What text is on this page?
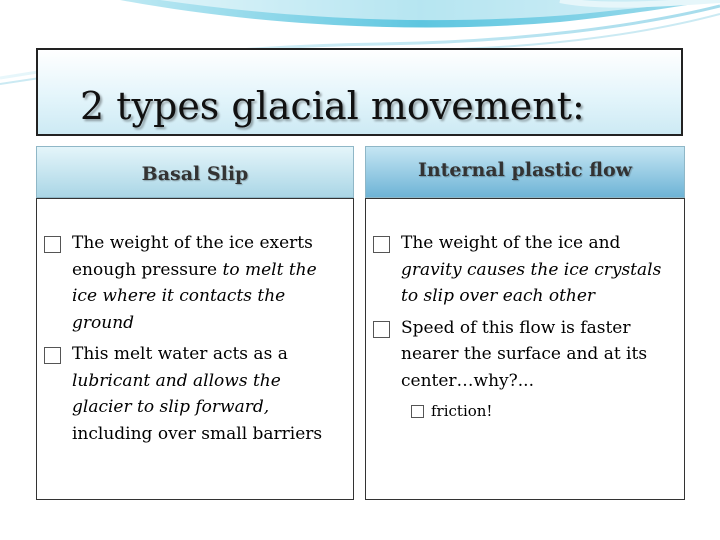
2 types glacial movement:
Basal Slip	Internal plastic flow

The weight of the ice exerts
enough pressure to melt the
ice where it contacts the
ground

This melt water acts as a
lubricant and allows the
glacier to slip forward,
including over small barriers

The weight of the ice and
gravity causes the ice crystals
to slip over each other

Speed of this flow is faster
nearer the surface and at its
center…why?...

friction!
